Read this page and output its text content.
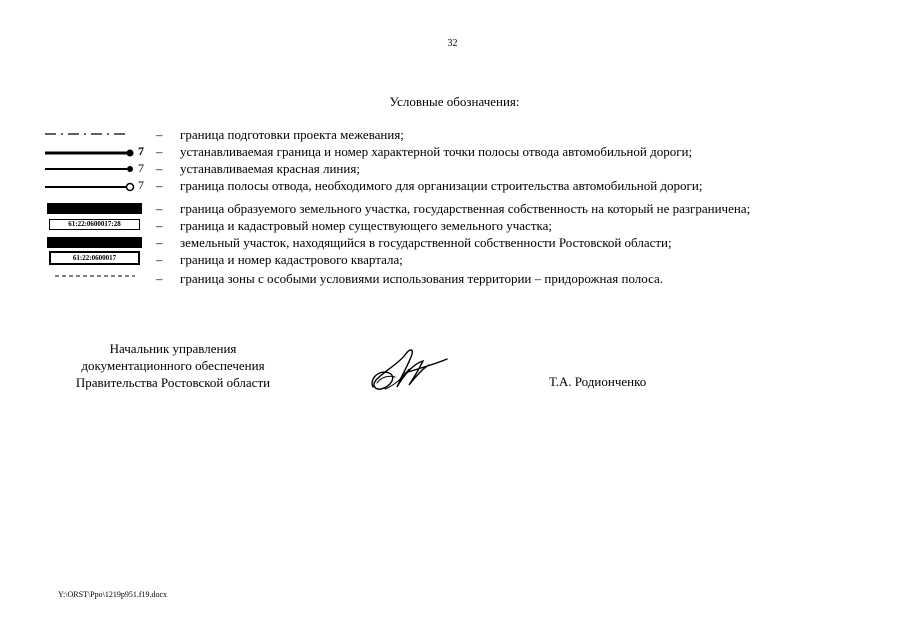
32
Условные обозначения:
– граница подготовки проекта межевания;
7 – устанавливаемая граница и номер характерной точки полосы отвода автомобильной дороги;
7 – устанавливаемая красная линия;
7 – граница полосы отвода, необходимого для организации строительства автомобильной дороги;
– граница образуемого земельного участка, государственная собственность на который не разграничена;
61:22:0600017:28	– граница и кадастровый номер существующего земельного участка;
– земельный участок, находящийся в государственной собственности Ростовской области;
61:22:0600017	– граница и номер кадастрового квартала;
– граница зоны с особыми условиями использования территории – придорожная полоса.
Начальник управления
документационного обеспечения
Правительства Ростовской области	Т.А. Родионченко
Y:\ORST\Ppo\1219p951.f19.docx
